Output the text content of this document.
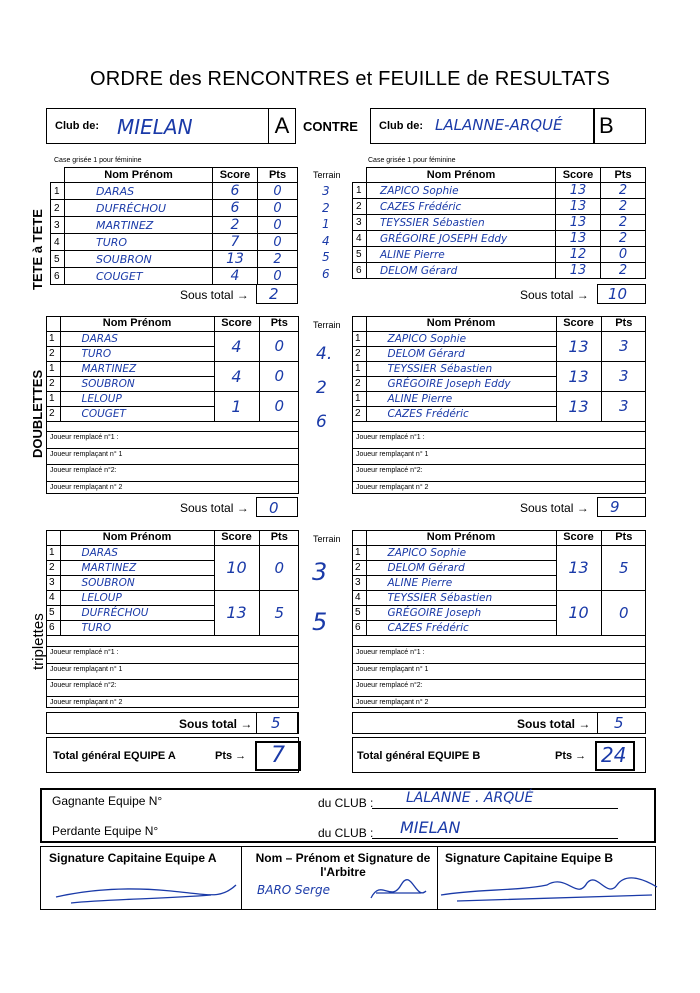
ORDRE des RENCONTRES et FEUILLE de RESULTATS
Club de: MIELAN	A	CONTRE Club de: LALANNE-ARQUÉ B
TETE à TETE
DOUBLETTES
triplettes
Case grisée 1 pour féminine	Case grisée 1 pour féminine
	Nom Prénom	Score	Pts
1	DARAS	6	0
2	DUFRÉCHOU	6	0
3	MARTINEZ	2	0
4	TURO	7	0
5	SOUBRON	13	2
6	COUGET	4	0
Terrain
		Nom Prénom	Score	Pts
1	ZAPICO Sophie	13	2
2	CAZES Frédéric	13	2
3	TEYSSIER Sébastien	13	2
4	GRÉGOIRE JOSEPH Eddy	13	2
5	ALINE Pierre	12	0
6	DELOM Gérard	13	2
Sous total → 2	Sous total → 10
	Nom Prénom	Score	Pts
1	DARAS	4	0
2	TURO		
1	MARTINEZ	4	0
2	SOUBRON		
1	LELOUP	1	0
2	COUGET		
Terrain
		Nom Prénom	Score	Pts
1	ZAPICO Sophie	13	3
2	DELOM Gérard		
1	TEYSSIER Sébastien	13	3
2	GRÉGOIRE Joseph Eddy		
1	ALINE Pierre	13	3
2	CAZES Frédéric		
Joueur remplacé n°1 :
Joueur remplaçant n° 1
Joueur remplacé n°2:
Joueur remplaçant n° 2
Joueur remplacé n°1 :
Joueur remplaçant n° 1
Joueur remplacé n°2:
Joueur remplaçant n° 2
Sous total → 0	Sous total → 9
	Nom Prénom	Score	Pts
1	DARAS	10	0
2	MARTINEZ		
3	SOUBRON		
4	LELOUP	13	5
5	DUFRÉCHOU		
6	TURO		
Terrain
		Nom Prénom	Score	Pts
1	ZAPICO Sophie	13	5
2	DELOM Gérard		
3	ALINE Pierre		
4	TEYSSIER Sébastien	10	0
5	GRÉGOIRE Joseph		
6	CAZES Frédéric		
Joueur remplacé n°1 :
Joueur remplaçant n° 1
Joueur remplacé n°2:
Joueur remplaçant n° 2
Joueur remplacé n°1 :
Joueur remplaçant n° 1
Joueur remplacé n°2:
Joueur remplaçant n° 2
Sous total → 5	Sous total → 5
Total général EQUIPE A	Pts → 7	Total général EQUIPE B	Pts → 24
Gagnante Equipe N°	du CLUB : LALANNE . ARQUÉ
Perdante Equipe N°	du CLUB : MIELAN
Signature Capitaine Equipe A	Nom – Prénom et Signature de l'Arbitre
Signature Capitaine Equipe B
BARO Serge
3
2
1
4
5
6
4.
2
6
3
5
